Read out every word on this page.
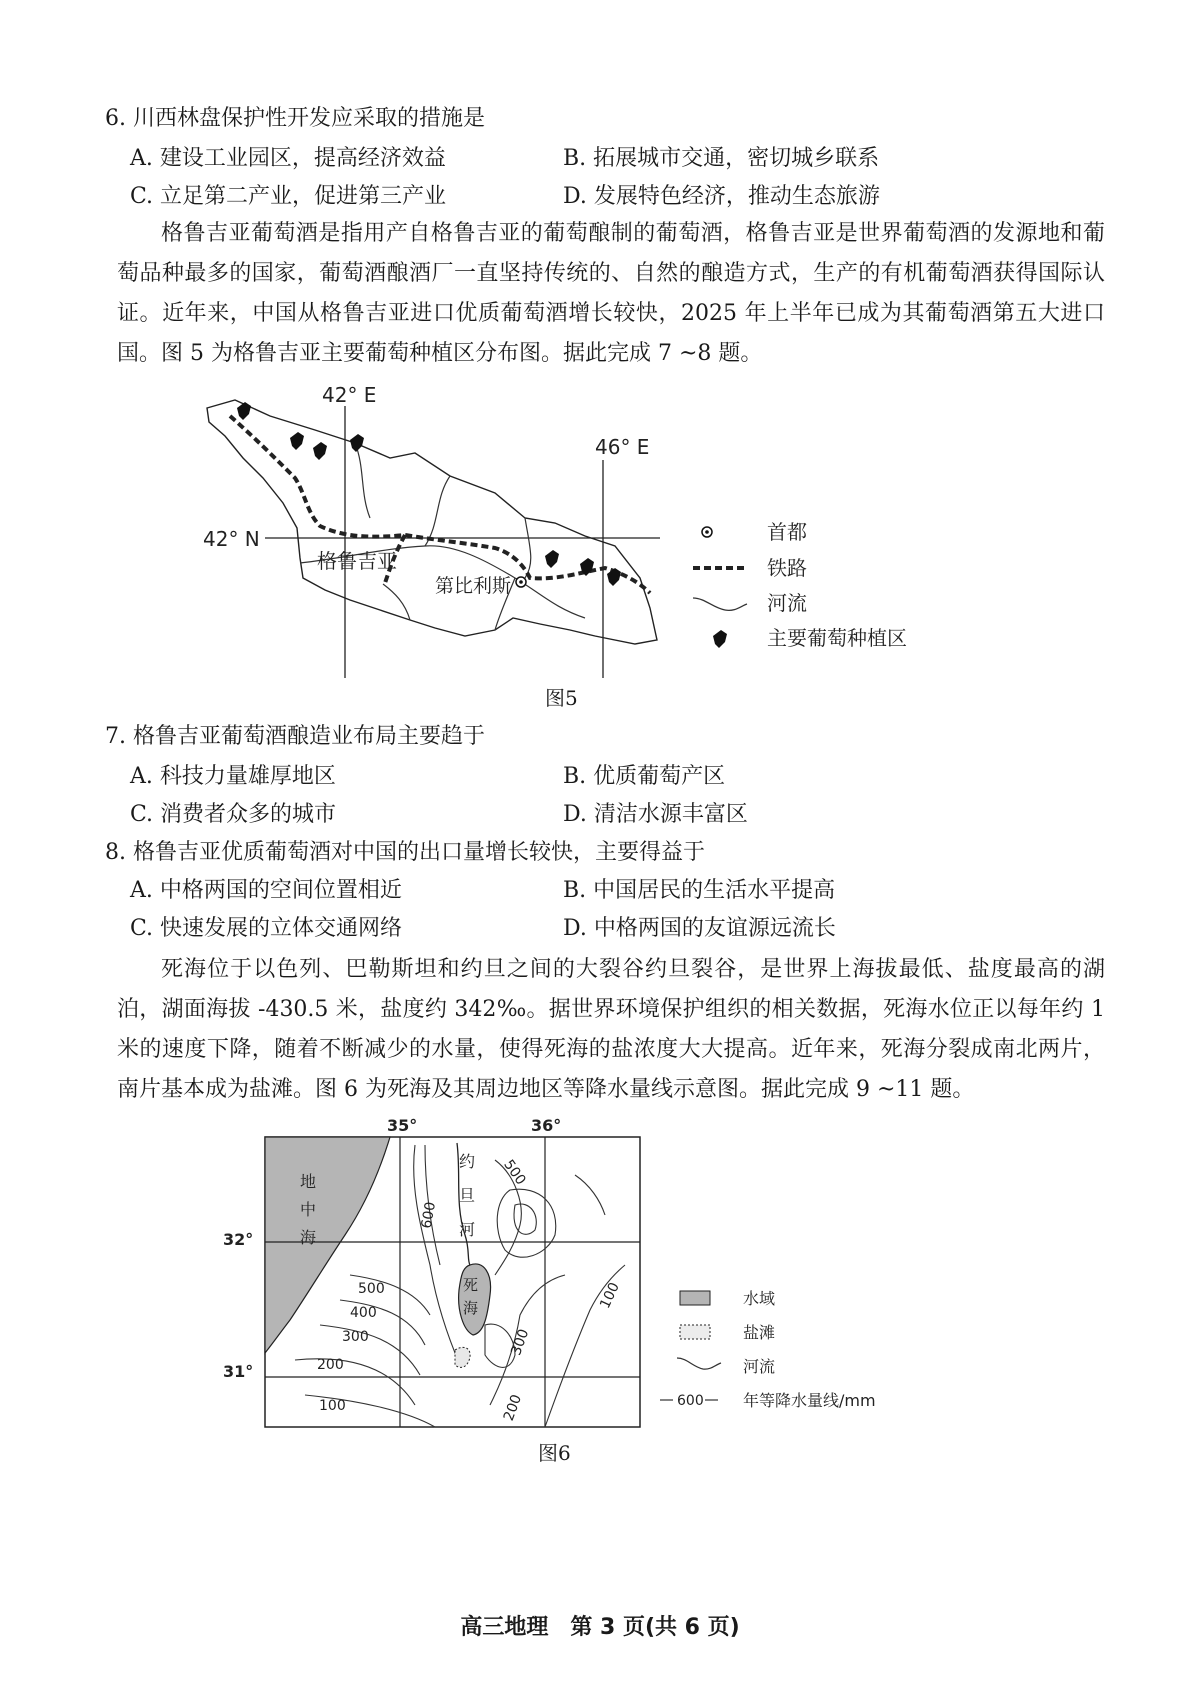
6. 川西林盘保护性开发应采取的措施是
A. 建设工业园区，提高经济效益	B. 拓展城市交通，密切城乡联系
C. 立足第二产业，促进第三产业	D. 发展特色经济，推动生态旅游
格鲁吉亚葡萄酒是指用产自格鲁吉亚的葡萄酿制的葡萄酒，格鲁吉亚是世界葡萄酒的发源地和葡萄品种最多的国家，葡萄酒酿酒厂一直坚持传统的、自然的酿造方式，生产的有机葡萄酒获得国际认证。近年来，中国从格鲁吉亚进口优质葡萄酒增长较快，2025 年上半年已成为其葡萄酒第五大进口国。图 5 为格鲁吉亚主要葡萄种植区分布图。据此完成 7 ~8 题。
42° E
46° E
42° N
格鲁吉亚
第比利斯
首都
铁路
河流
主要葡萄种植区
图5
7. 格鲁吉亚葡萄酒酿造业布局主要趋于
A. 科技力量雄厚地区	B. 优质葡萄产区
C. 消费者众多的城市	D. 清洁水源丰富区
8. 格鲁吉亚优质葡萄酒对中国的出口量增长较快，主要得益于
A. 中格两国的空间位置相近	B. 中国居民的生活水平提高
C. 快速发展的立体交通网络	D. 中格两国的友谊源远流长
死海位于以色列、巴勒斯坦和约旦之间的大裂谷约旦裂谷，是世界上海拔最低、盐度最高的湖泊，湖面海拔 -430.5 米，盐度约 342‰。据世界环境保护组织的相关数据，死海水位正以每年约 1 米的速度下降，随着不断减少的水量，使得死海的盐浓度大大提高。近年来，死海分裂成南北两片，南片基本成为盐滩。图 6 为死海及其周边地区等降水量线示意图。据此完成 9 ~11 题。
35°	36°
32°
31°
地
中
海
约
旦
河
死
海
600
500
500
400
300
200
100
300
200
100	水域
盐滩
河流
600 年等降水量线/mm
图6
高三地理　第 3 页(共 6 页)
